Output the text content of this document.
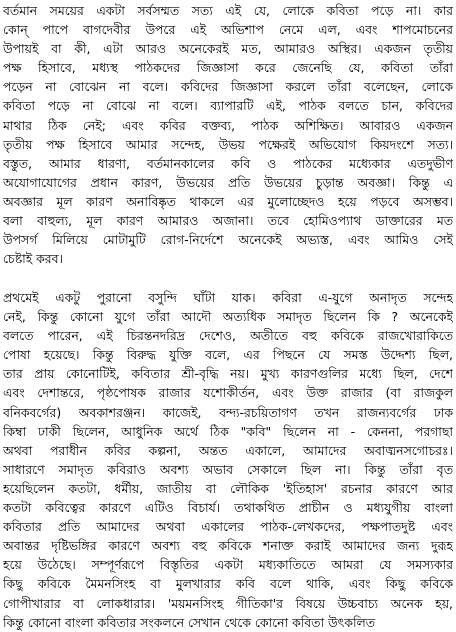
বর্তমান সময়ের একটা সর্বসম্মত সত্য এই যে, লোকে কবিতা পড়ে না। কার
কোন্ পাপে বাগদেবীর উপরে এই অভিশাপ নেমে এল, এবং শাপমোচনের
উপায়ই বা কী, এটা আরও অনেকেরই মত, আমারও অস্থির। একজন তৃতীয়
পক্ষ হিসাবে, মধ্যস্থ পাঠকদের জিজ্ঞাসা করে জেনেছি যে, কবিতা তাঁরা
পড়েন না বোঝেন না বলে। কবিদের জিজ্ঞাসা করলে তাঁরা বলেছেন, লোকে
কবিতা পড়ে না বোঝে না বলে। ব্যাপারটি এই, পাঠক বলতে চান, কবিদের
মাথার ঠিক নেই; এবং কবির বক্তব্য, পাঠক অশিক্ষিত। আবারও একজন
তৃতীয় পক্ষ হিসাবে আমার সন্দেহ, উভয় পক্ষেরই অভিযোগ কিয়দংশে সত্য।
বস্তুত, আমার ধারণা, বর্তমানকালের কবি ও পাঠকের মধ্যেকার এতদুভীণ
অযোগাযোগের প্রধান কারণ, উভয়ের প্রতি উভয়ের চুড়ান্ত অবজ্ঞা। কিন্তু এ
অবজ্ঞার মূল কারণ অনাবিষ্কৃত থাকলে এর মুলোচ্ছেদও হয়ে পড়বে অসম্ভব।
বলা বাহুল্য, মূল কারণ আমারও অজানা। তবে হোমিওপ্যাথ ডাক্তারের মত
উপসর্গ মিলিয়ে মোটামুটি রোগ-নির্দেশে অনেকেই অভ্যস্ত, এবং আমিও সেই
চেষ্টাই করব।
প্রথমেই একটু পুরানো বসুন্দি ঘাঁটা যাক। কবিরা এ-যুগে অনাদৃত সন্দেহ
নেই, কিন্তু কোনো যুগে তাঁরা আদৌ অত্যধিক সমাদৃত ছিলেন কি ? অনেকেই
বলতে পারেন, এই চিরন্তনদরিদ্র দেশেও, অতীতে বহু কবিকে রাজখোরাকিতে
পোষা হয়েছে। কিন্তু বিরুদ্ধ যুক্তি বলে, এর পিছনে যে সমস্ত উদ্দেশ্য ছিল,
তার প্রায় কোনোটিই, কবিতার শ্রী-বৃদ্ধি নয়। মুখ্য কারণগুলির মধ্যে ছিল, দেশে
এবং দেশান্তরে, পৃষ্ঠপোষক রাজার যশোকীর্তন, এবং উক্ত রাজার (বা রাজকুল
বনিকবর্গের) অবকাশরঞ্জন। কাজেই, বন্দ্য-রচয়িতাগণ তখন রাজন্যবর্গের ঢাক
কিম্বা ঢাকী ছিলেন, আধুনিক অর্থে ঠিক "কবি" ছিলেন না - কেননা, পরগাছা
অথবা পরাধীন কবির কল্পনা, অন্তত একালে, আমাদের অবাঙ্মনসগোচরঃ।
সাধারণে সমাদৃত কবিরাও অবশ্য অভাব সেকালে ছিল না। কিন্তু তাঁরা বৃত
হয়েছিলেন কতটা, ধর্মীয়, জাতীয় বা লৌকিক 'ইতিহাস' রচনার কারণে আর
কতটা কবিত্বের কারণে এটিও বিচার্য। তথাকথিত প্রাচীন ও মধ্যযুগীয় বাংলা
কবিতার প্রতি আমাদের অথবা একালের পাঠক-লেখকদের, পক্ষপাতদুষ্ট এবং
অবান্তর দৃষ্টিভঙ্গির কারণে অবশ্য বহু কবিকে শনাক্ত করাই আমাদের জন্য দুরূহ
হয়ে উঠেছে। সম্পূর্ণরূপে বিস্তৃতির একটা মধ্যকাতিতে আমরা যে সমস্যকার
কিছু কবিকে মৈমনসিংহ বা মুলখারার কবি বলে থাকি, এবং কিছু কবিকে
গোপীখারার বা লোকধারার। 'ময়মনসিংহ গীতিকা'র বিষয়ে উচ্চবাচ্য অনেক হয়,
কিন্তু কোনো বাংলা কবিতার সংকলনে সেখান থেকে কোনো কবিতা উৎকলিত
